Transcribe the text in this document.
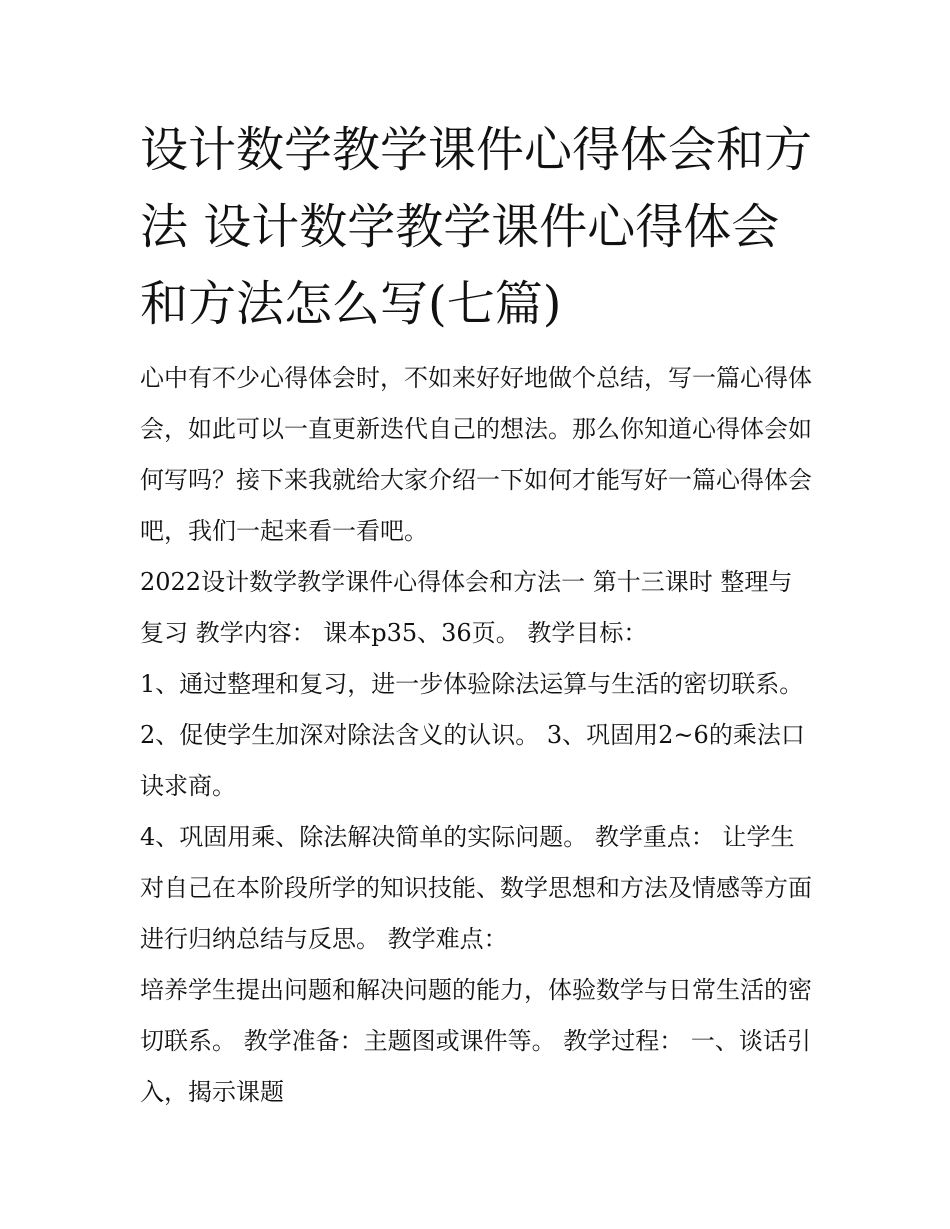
设计数学教学课件心得体会和方法 设计数学教学课件心得体会和方法怎么写(七篇)

心中有不少心得体会时，不如来好好地做个总结，写一篇心得体会，如此可以一直更新迭代自己的想法。那么你知道心得体会如何写吗？接下来我就给大家介绍一下如何才能写好一篇心得体会吧，我们一起来看一看吧。

2022设计数学教学课件心得体会和方法一 第十三课时 整理与复习 教学内容： 课本p35、36页。 教学目标：

1、通过整理和复习，进一步体验除法运算与生活的密切联系。 2、促使学生加深对除法含义的认识。 3、巩固用2~6的乘法口诀求商。

4、巩固用乘、除法解决简单的实际问题。 教学重点： 让学生对自己在本阶段所学的知识技能、数学思想和方法及情感等方面进行归纳总结与反思。 教学难点：

培养学生提出问题和解决问题的能力，体验数学与日常生活的密切联系。 教学准备：主题图或课件等。 教学过程： 一、谈话引入，揭示课题
